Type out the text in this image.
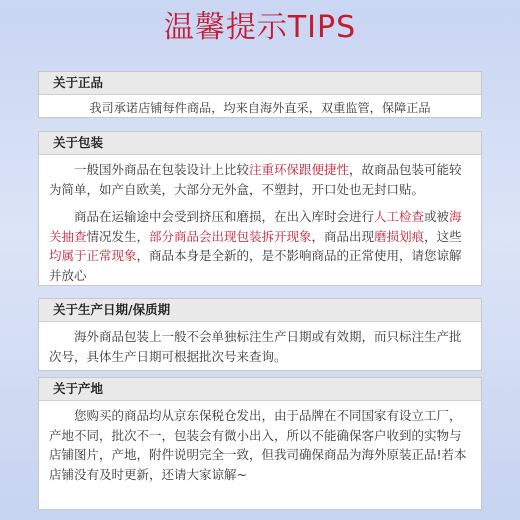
温馨提示TIPS
关于正品
我司承诺店铺每件商品，均来自海外直采，双重监管，保障正品
关于包装

一般国外商品在包装设计上比较注重环保跟便捷性，故商品包装可能较为简单，如产自欧美，大部分无外盒，不塑封，开口处也无封口贴。

商品在运输途中会受到挤压和磨损，在出入库时会进行人工检查或被海关抽查情况发生，部分商品会出现包装拆开现象，商品出现磨损划痕，这些均属于正常现象，商品本身是全新的，是不影响商品的正常使用，请您谅解并放心

关于生产日期/保质期

海外商品包装上一般不会单独标注生产日期或有效期，而只标注生产批次号，具体生产日期可根据批次号来查询。

关于产地

您购买的商品均从京东保税仓发出，由于品牌在不同国家有设立工厂，产地不同，批次不一，包装会有微小出入，所以不能确保客户收到的实物与店铺图片，产地，附件说明完全一致，但我司确保商品为海外原装正品!若本店铺没有及时更新，还请大家谅解~
